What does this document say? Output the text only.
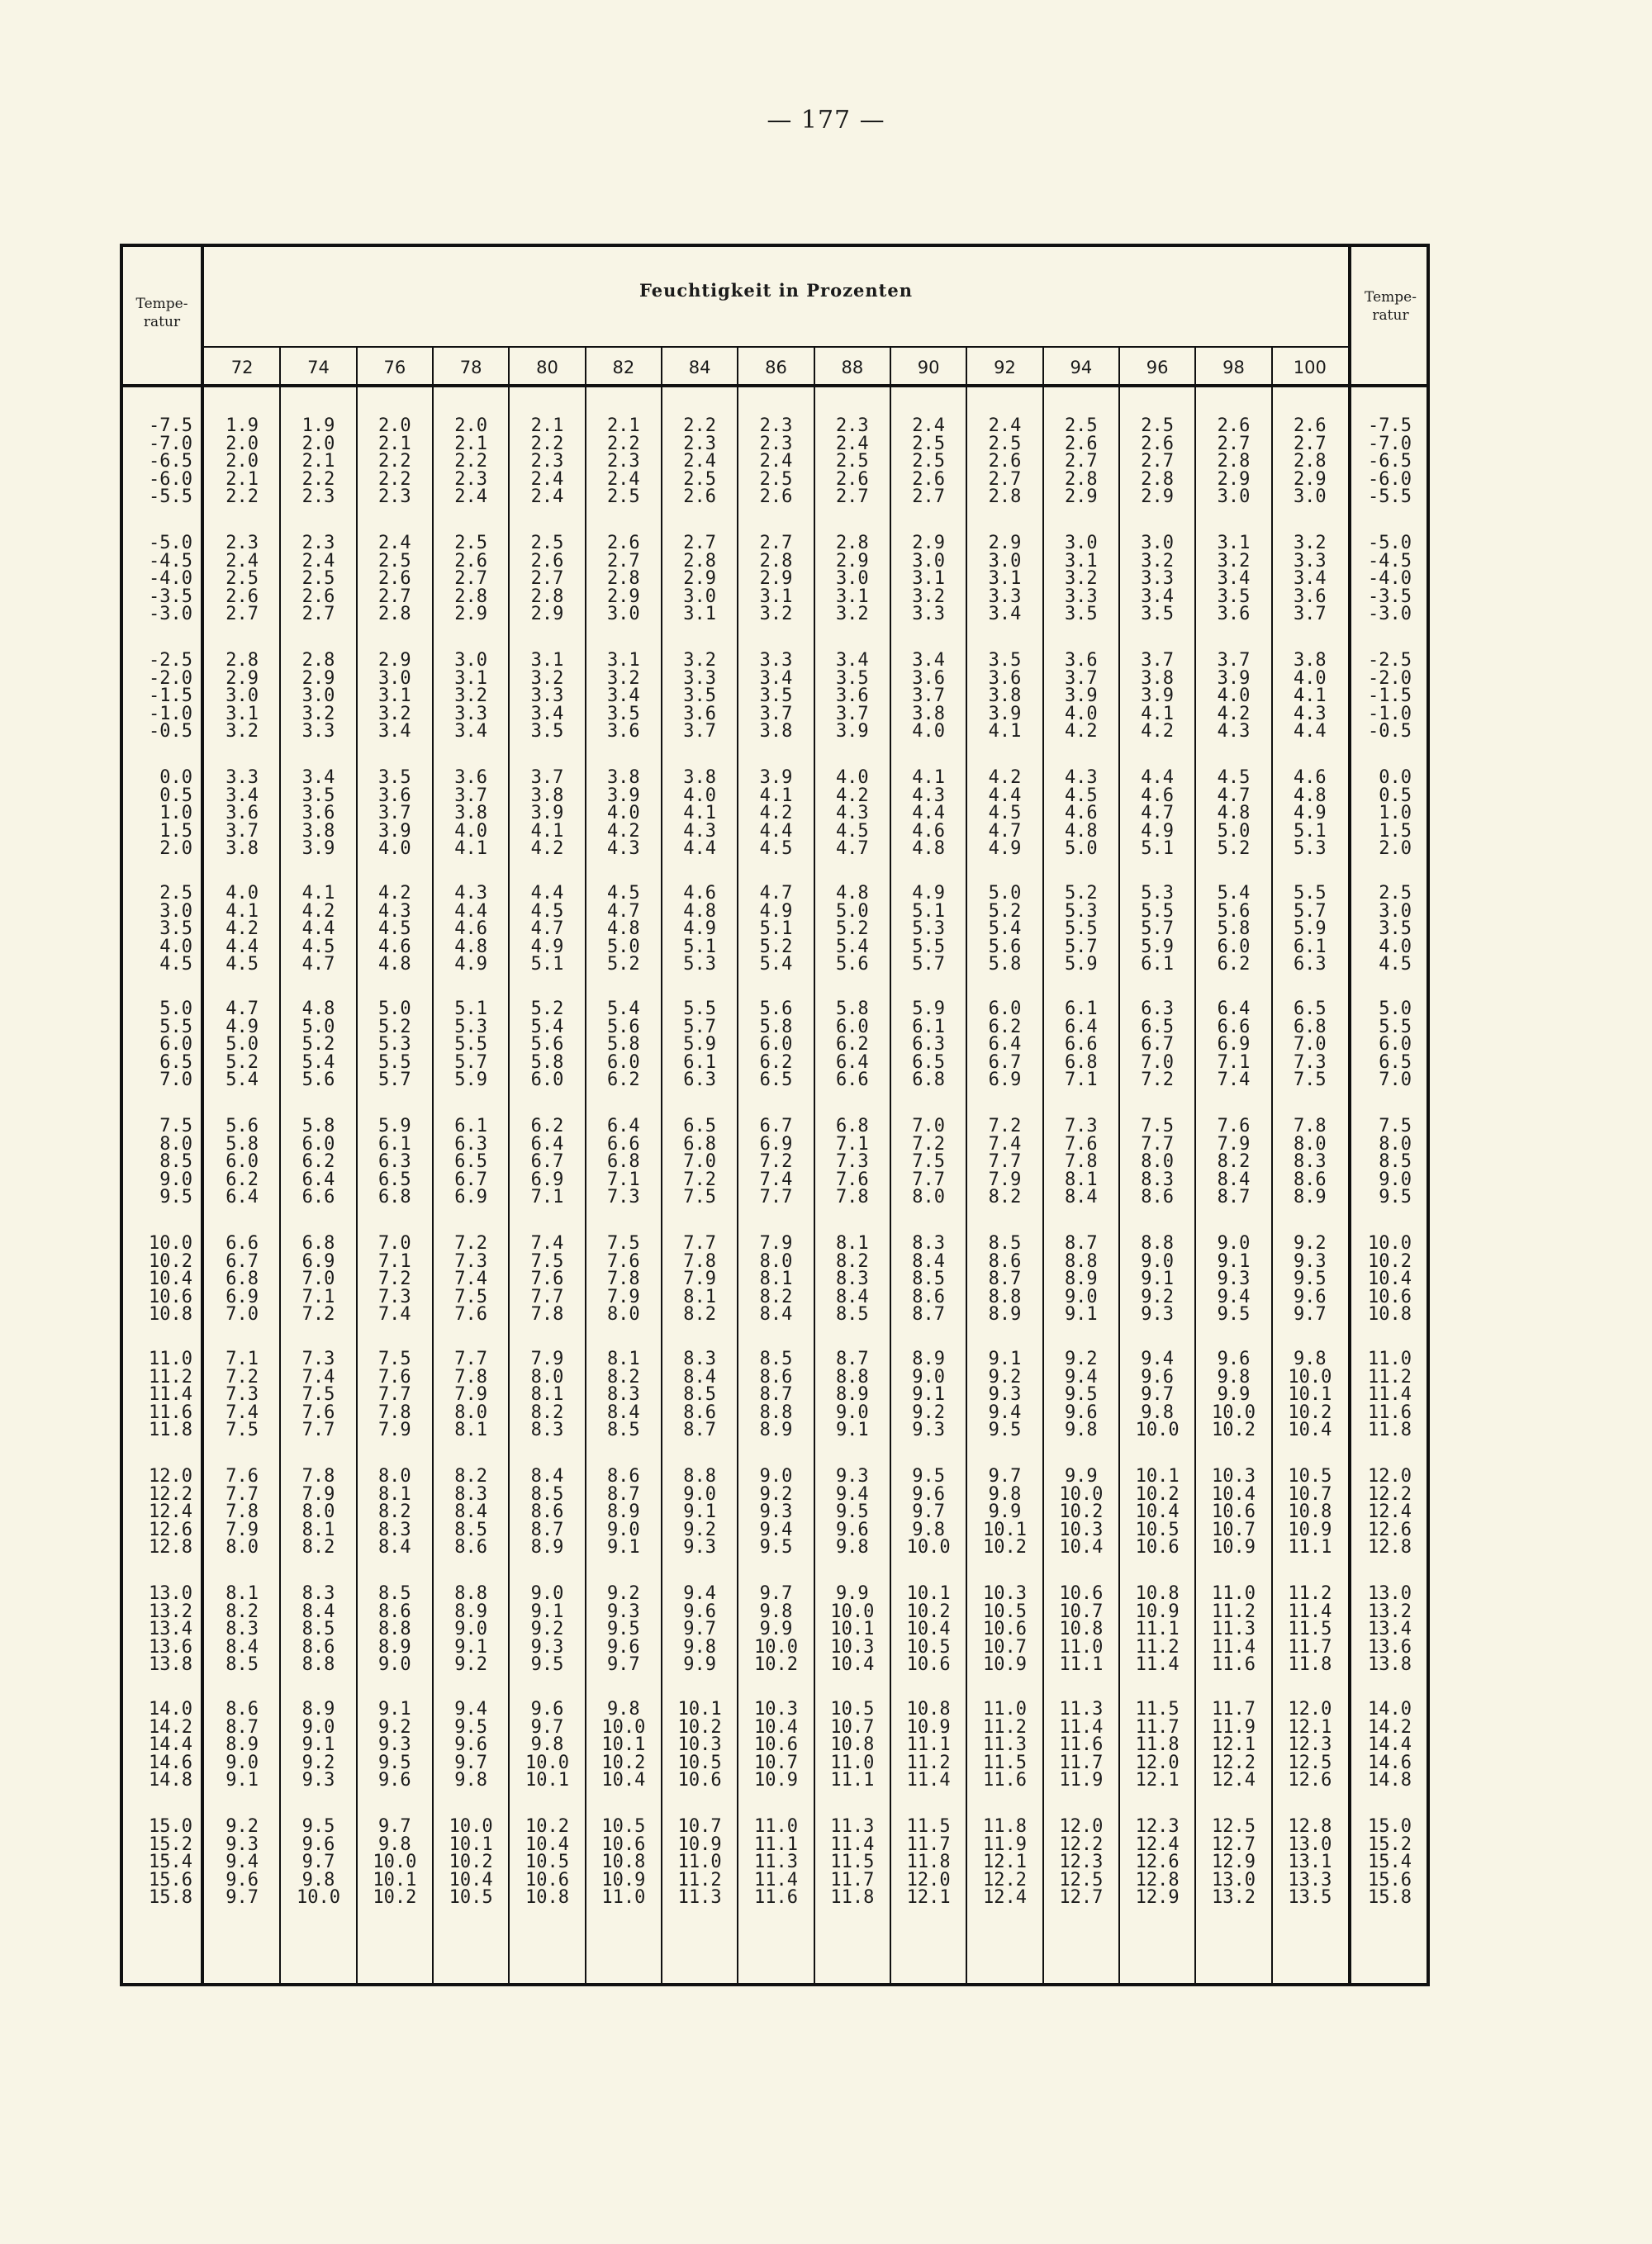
— 177 —
Tempe-
ratur
Tempe-
ratur
Feuchtigkeit in Prozenten
72	74	76	78	80	82	84	86	88	90	92	94	96	98	100
-7.5	1.9	1.9	2.0	2.0	2.1	2.1	2.2	2.3	2.3	2.4	2.4	2.5	2.5	2.6	2.6	-7.5
-7.0	2.0	2.0	2.1	2.1	2.2	2.2	2.3	2.3	2.4	2.5	2.5	2.6	2.6	2.7	2.7	-7.0
-6.5	2.0	2.1	2.2	2.2	2.3	2.3	2.4	2.4	2.5	2.5	2.6	2.7	2.7	2.8	2.8	-6.5
-6.0	2.1	2.2	2.2	2.3	2.4	2.4	2.5	2.5	2.6	2.6	2.7	2.8	2.8	2.9	2.9	-6.0
-5.5	2.2	2.3	2.3	2.4	2.4	2.5	2.6	2.6	2.7	2.7	2.8	2.9	2.9	3.0	3.0	-5.5
-5.0	2.3	2.3	2.4	2.5	2.5	2.6	2.7	2.7	2.8	2.9	2.9	3.0	3.0	3.1	3.2	-5.0
-4.5	2.4	2.4	2.5	2.6	2.6	2.7	2.8	2.8	2.9	3.0	3.0	3.1	3.2	3.2	3.3	-4.5
-4.0	2.5	2.5	2.6	2.7	2.7	2.8	2.9	2.9	3.0	3.1	3.1	3.2	3.3	3.4	3.4	-4.0
-3.5	2.6	2.6	2.7	2.8	2.8	2.9	3.0	3.1	3.1	3.2	3.3	3.3	3.4	3.5	3.6	-3.5
-3.0	2.7	2.7	2.8	2.9	2.9	3.0	3.1	3.2	3.2	3.3	3.4	3.5	3.5	3.6	3.7	-3.0
-2.5	2.8	2.8	2.9	3.0	3.1	3.1	3.2	3.3	3.4	3.4	3.5	3.6	3.7	3.7	3.8	-2.5
-2.0	2.9	2.9	3.0	3.1	3.2	3.2	3.3	3.4	3.5	3.6	3.6	3.7	3.8	3.9	4.0	-2.0
-1.5	3.0	3.0	3.1	3.2	3.3	3.4	3.5	3.5	3.6	3.7	3.8	3.9	3.9	4.0	4.1	-1.5
-1.0	3.1	3.2	3.2	3.3	3.4	3.5	3.6	3.7	3.7	3.8	3.9	4.0	4.1	4.2	4.3	-1.0
-0.5	3.2	3.3	3.4	3.4	3.5	3.6	3.7	3.8	3.9	4.0	4.1	4.2	4.2	4.3	4.4	-0.5
0.0	3.3	3.4	3.5	3.6	3.7	3.8	3.8	3.9	4.0	4.1	4.2	4.3	4.4	4.5	4.6	0.0
0.5	3.4	3.5	3.6	3.7	3.8	3.9	4.0	4.1	4.2	4.3	4.4	4.5	4.6	4.7	4.8	0.5
1.0	3.6	3.6	3.7	3.8	3.9	4.0	4.1	4.2	4.3	4.4	4.5	4.6	4.7	4.8	4.9	1.0
1.5	3.7	3.8	3.9	4.0	4.1	4.2	4.3	4.4	4.5	4.6	4.7	4.8	4.9	5.0	5.1	1.5
2.0	3.8	3.9	4.0	4.1	4.2	4.3	4.4	4.5	4.7	4.8	4.9	5.0	5.1	5.2	5.3	2.0
2.5	4.0	4.1	4.2	4.3	4.4	4.5	4.6	4.7	4.8	4.9	5.0	5.2	5.3	5.4	5.5	2.5
3.0	4.1	4.2	4.3	4.4	4.5	4.7	4.8	4.9	5.0	5.1	5.2	5.3	5.5	5.6	5.7	3.0
3.5	4.2	4.4	4.5	4.6	4.7	4.8	4.9	5.1	5.2	5.3	5.4	5.5	5.7	5.8	5.9	3.5
4.0	4.4	4.5	4.6	4.8	4.9	5.0	5.1	5.2	5.4	5.5	5.6	5.7	5.9	6.0	6.1	4.0
4.5	4.5	4.7	4.8	4.9	5.1	5.2	5.3	5.4	5.6	5.7	5.8	5.9	6.1	6.2	6.3	4.5
5.0	4.7	4.8	5.0	5.1	5.2	5.4	5.5	5.6	5.8	5.9	6.0	6.1	6.3	6.4	6.5	5.0
5.5	4.9	5.0	5.2	5.3	5.4	5.6	5.7	5.8	6.0	6.1	6.2	6.4	6.5	6.6	6.8	5.5
6.0	5.0	5.2	5.3	5.5	5.6	5.8	5.9	6.0	6.2	6.3	6.4	6.6	6.7	6.9	7.0	6.0
6.5	5.2	5.4	5.5	5.7	5.8	6.0	6.1	6.2	6.4	6.5	6.7	6.8	7.0	7.1	7.3	6.5
7.0	5.4	5.6	5.7	5.9	6.0	6.2	6.3	6.5	6.6	6.8	6.9	7.1	7.2	7.4	7.5	7.0
7.5	5.6	5.8	5.9	6.1	6.2	6.4	6.5	6.7	6.8	7.0	7.2	7.3	7.5	7.6	7.8	7.5
8.0	5.8	6.0	6.1	6.3	6.4	6.6	6.8	6.9	7.1	7.2	7.4	7.6	7.7	7.9	8.0	8.0
8.5	6.0	6.2	6.3	6.5	6.7	6.8	7.0	7.2	7.3	7.5	7.7	7.8	8.0	8.2	8.3	8.5
9.0	6.2	6.4	6.5	6.7	6.9	7.1	7.2	7.4	7.6	7.7	7.9	8.1	8.3	8.4	8.6	9.0
9.5	6.4	6.6	6.8	6.9	7.1	7.3	7.5	7.7	7.8	8.0	8.2	8.4	8.6	8.7	8.9	9.5
10.0	6.6	6.8	7.0	7.2	7.4	7.5	7.7	7.9	8.1	8.3	8.5	8.7	8.8	9.0	9.2	10.0
10.2	6.7	6.9	7.1	7.3	7.5	7.6	7.8	8.0	8.2	8.4	8.6	8.8	9.0	9.1	9.3	10.2
10.4	6.8	7.0	7.2	7.4	7.6	7.8	7.9	8.1	8.3	8.5	8.7	8.9	9.1	9.3	9.5	10.4
10.6	6.9	7.1	7.3	7.5	7.7	7.9	8.1	8.2	8.4	8.6	8.8	9.0	9.2	9.4	9.6	10.6
10.8	7.0	7.2	7.4	7.6	7.8	8.0	8.2	8.4	8.5	8.7	8.9	9.1	9.3	9.5	9.7	10.8
11.0	7.1	7.3	7.5	7.7	7.9	8.1	8.3	8.5	8.7	8.9	9.1	9.2	9.4	9.6	9.8	11.0
11.2	7.2	7.4	7.6	7.8	8.0	8.2	8.4	8.6	8.8	9.0	9.2	9.4	9.6	9.8	10.0	11.2
11.4	7.3	7.5	7.7	7.9	8.1	8.3	8.5	8.7	8.9	9.1	9.3	9.5	9.7	9.9	10.1	11.4
11.6	7.4	7.6	7.8	8.0	8.2	8.4	8.6	8.8	9.0	9.2	9.4	9.6	9.8	10.0	10.2	11.6
11.8	7.5	7.7	7.9	8.1	8.3	8.5	8.7	8.9	9.1	9.3	9.5	9.8	10.0	10.2	10.4	11.8
12.0	7.6	7.8	8.0	8.2	8.4	8.6	8.8	9.0	9.3	9.5	9.7	9.9	10.1	10.3	10.5	12.0
12.2	7.7	7.9	8.1	8.3	8.5	8.7	9.0	9.2	9.4	9.6	9.8	10.0	10.2	10.4	10.7	12.2
12.4	7.8	8.0	8.2	8.4	8.6	8.9	9.1	9.3	9.5	9.7	9.9	10.2	10.4	10.6	10.8	12.4
12.6	7.9	8.1	8.3	8.5	8.7	9.0	9.2	9.4	9.6	9.8	10.1	10.3	10.5	10.7	10.9	12.6
12.8	8.0	8.2	8.4	8.6	8.9	9.1	9.3	9.5	9.8	10.0	10.2	10.4	10.6	10.9	11.1	12.8
13.0	8.1	8.3	8.5	8.8	9.0	9.2	9.4	9.7	9.9	10.1	10.3	10.6	10.8	11.0	11.2	13.0
13.2	8.2	8.4	8.6	8.9	9.1	9.3	9.6	9.8	10.0	10.2	10.5	10.7	10.9	11.2	11.4	13.2
13.4	8.3	8.5	8.8	9.0	9.2	9.5	9.7	9.9	10.1	10.4	10.6	10.8	11.1	11.3	11.5	13.4
13.6	8.4	8.6	8.9	9.1	9.3	9.6	9.8	10.0	10.3	10.5	10.7	11.0	11.2	11.4	11.7	13.6
13.8	8.5	8.8	9.0	9.2	9.5	9.7	9.9	10.2	10.4	10.6	10.9	11.1	11.4	11.6	11.8	13.8
14.0	8.6	8.9	9.1	9.4	9.6	9.8	10.1	10.3	10.5	10.8	11.0	11.3	11.5	11.7	12.0	14.0
14.2	8.7	9.0	9.2	9.5	9.7	10.0	10.2	10.4	10.7	10.9	11.2	11.4	11.7	11.9	12.1	14.2
14.4	8.9	9.1	9.3	9.6	9.8	10.1	10.3	10.6	10.8	11.1	11.3	11.6	11.8	12.1	12.3	14.4
14.6	9.0	9.2	9.5	9.7	10.0	10.2	10.5	10.7	11.0	11.2	11.5	11.7	12.0	12.2	12.5	14.6
14.8	9.1	9.3	9.6	9.8	10.1	10.4	10.6	10.9	11.1	11.4	11.6	11.9	12.1	12.4	12.6	14.8
15.0	9.2	9.5	9.7	10.0	10.2	10.5	10.7	11.0	11.3	11.5	11.8	12.0	12.3	12.5	12.8	15.0
15.2	9.3	9.6	9.8	10.1	10.4	10.6	10.9	11.1	11.4	11.7	11.9	12.2	12.4	12.7	13.0	15.2
15.4	9.4	9.7	10.0	10.2	10.5	10.8	11.0	11.3	11.5	11.8	12.1	12.3	12.6	12.9	13.1	15.4
15.6	9.6	9.8	10.1	10.4	10.6	10.9	11.2	11.4	11.7	12.0	12.2	12.5	12.8	13.0	13.3	15.6
15.8	9.7	10.0	10.2	10.5	10.8	11.0	11.3	11.6	11.8	12.1	12.4	12.7	12.9	13.2	13.5	15.8
